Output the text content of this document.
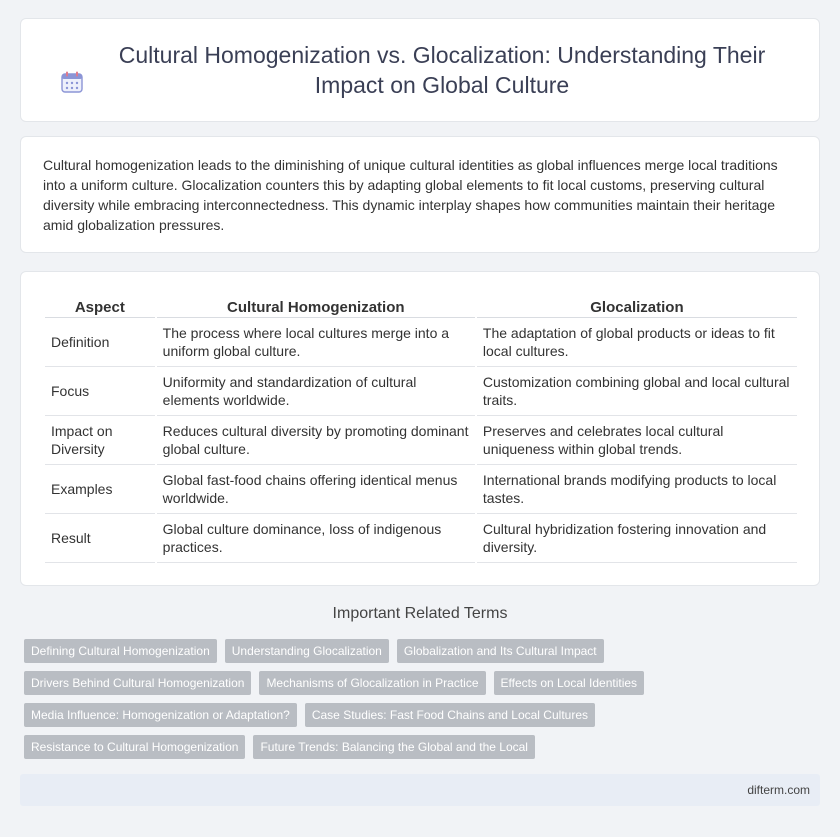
Cultural Homogenization vs. Glocalization: Understanding Their Impact on Global Culture

Cultural homogenization leads to the diminishing of unique cultural identities as global influences merge local traditions into a uniform culture. Glocalization counters this by adapting global elements to fit local customs, preserving cultural diversity while embracing interconnectedness. This dynamic interplay shapes how communities maintain their heritage amid globalization pressures.

Aspect	Cultural Homogenization	Glocalization
Definition	The process where local cultures merge into a uniform global culture.	The adaptation of global products or ideas to fit local cultures.
Focus	Uniformity and standardization of cultural elements worldwide.	Customization combining global and local cultural traits.
Impact on Diversity	Reduces cultural diversity by promoting dominant global culture.	Preserves and celebrates local cultural uniqueness within global trends.
Examples	Global fast-food chains offering identical menus worldwide.	International brands modifying products to local tastes.
Result	Global culture dominance, loss of indigenous practices.	Cultural hybridization fostering innovation and diversity.
Important Related Terms
Defining Cultural Homogenization	Understanding Glocalization	Globalization and Its Cultural Impact
Drivers Behind Cultural Homogenization	Mechanisms of Glocalization in Practice	Effects on Local Identities
Media Influence: Homogenization or Adaptation?	Case Studies: Fast Food Chains and Local Cultures
Resistance to Cultural Homogenization	Future Trends: Balancing the Global and the Local
difterm.com
